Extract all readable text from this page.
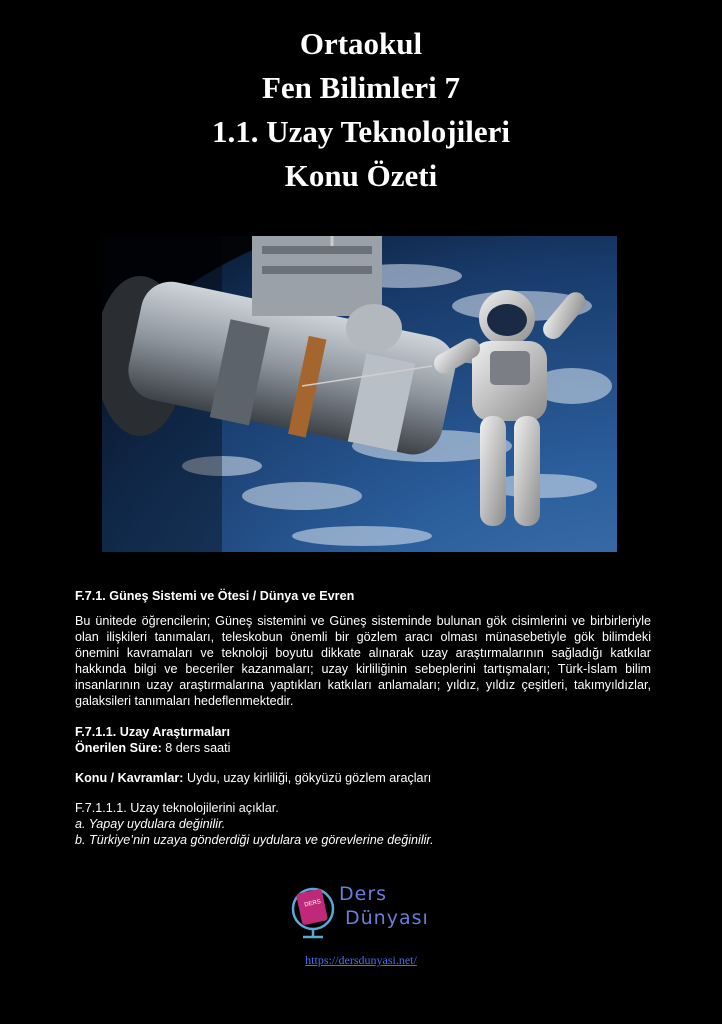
Ortaokul
Fen Bilimleri 7
1.1. Uzay Teknolojileri
Konu Özeti
F.7.1. Güneş Sistemi ve Ötesi / Dünya ve Evren
Bu ünitede öğrencilerin; Güneş sistemini ve Güneş sisteminde bulunan gök cisimlerini ve birbirleriyle olan ilişkileri tanımaları, teleskobun önemli bir gözlem aracı olması münasebetiyle gök bilimdeki önemini kavramaları ve teknoloji boyutu dikkate alınarak uzay araştırmalarının sağladığı katkılar hakkında bilgi ve beceriler kazanmaları; uzay kirliliğinin sebeplerini tartışmaları; Türk-İslam bilim insanlarının uzay araştırmalarına yaptıkları katkıları anlamaları; yıldız, yıldız çeşitleri, takımyıldızlar, galaksileri tanımaları hedeflenmektedir.
F.7.1.1. Uzay Araştırmaları
Önerilen Süre: 8 ders saati
Konu / Kavramlar: Uydu, uzay kirliliği, gökyüzü gözlem araçları
F.7.1.1.1. Uzay teknolojilerini açıklar.
a. Yapay uydulara değinilir.
b. Türkiye’nin uzaya gönderdiği uydulara ve görevlerine değinilir.
DERS Ders
Dünyası
https://dersdunyasi.net/
